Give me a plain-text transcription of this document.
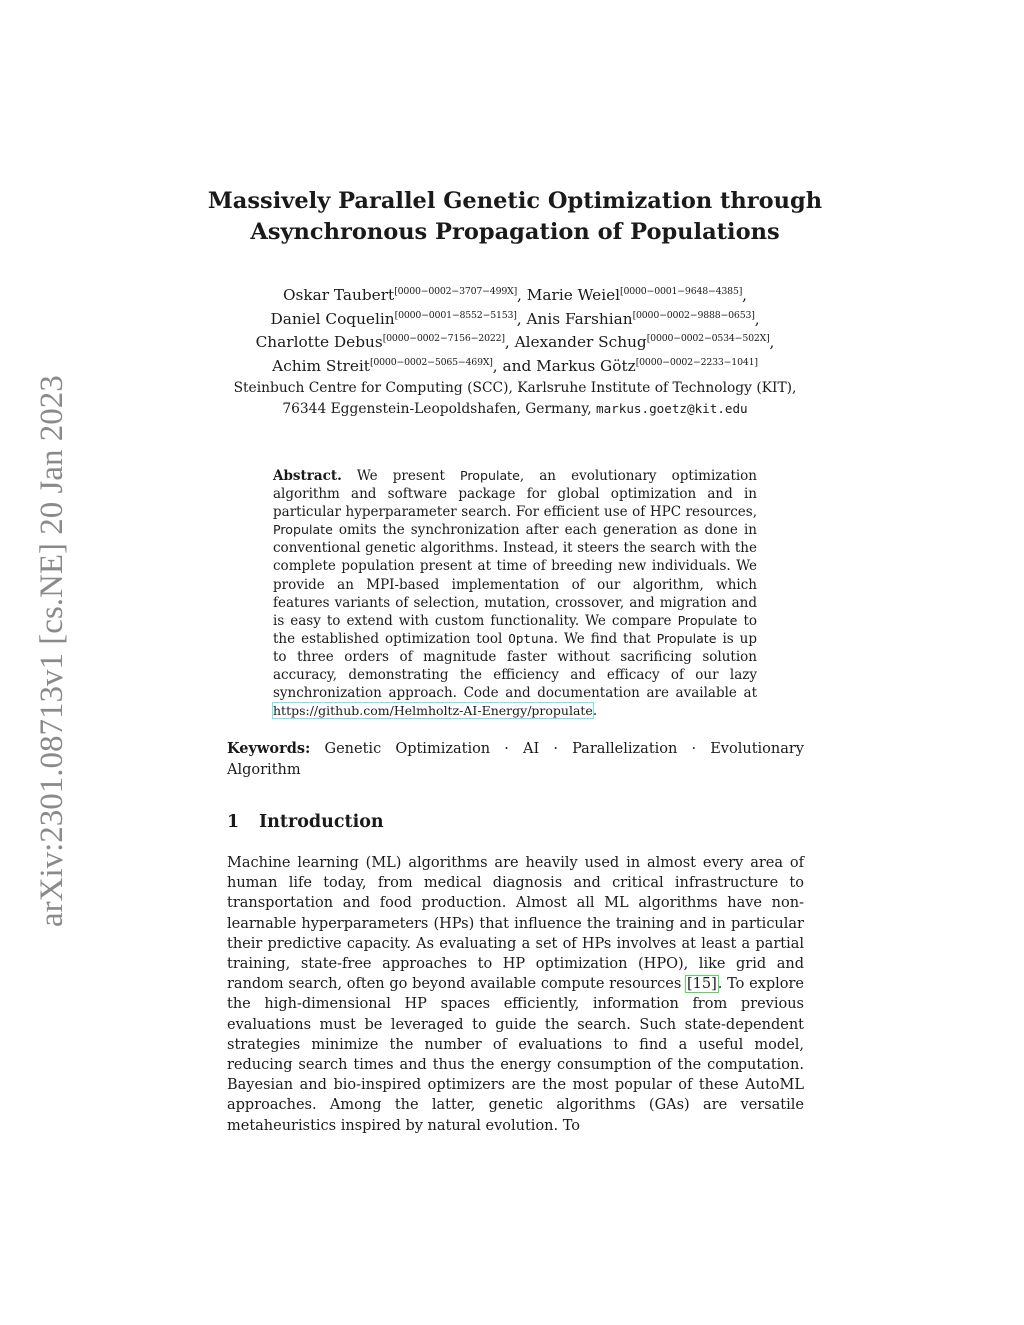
arXiv:2301.08713v1 [cs.NE] 20 Jan 2023
Massively Parallel Genetic Optimization through
Asynchronous Propagation of Populations
Oskar Taubert[0000−0002−3707−499X], Marie Weiel[0000−0001−9648−4385],
Daniel Coquelin[0000−0001−8552−5153], Anis Farshian[0000−0002−9888−0653],
Charlotte Debus[0000−0002−7156−2022], Alexander Schug[0000−0002−0534−502X],
Achim Streit[0000−0002−5065−469X], and Markus Götz[0000−0002−2233−1041]
Steinbuch Centre for Computing (SCC), Karlsruhe Institute of Technology (KIT),
76344 Eggenstein-Leopoldshafen, Germany, markus.goetz@kit.edu
Abstract. We present Propulate, an evolutionary optimization algorithm and software package for global optimization and in particular hyperparameter search. For efficient use of HPC resources, Propulate omits the synchronization after each generation as done in conventional genetic algorithms. Instead, it steers the search with the complete population present at time of breeding new individuals. We provide an MPI-based implementation of our algorithm, which features variants of selection, mutation, crossover, and migration and is easy to extend with custom functionality. We compare Propulate to the established optimization tool Optuna. We find that Propulate is up to three orders of magnitude faster without sacrificing solution accuracy, demonstrating the efficiency and efficacy of our lazy synchronization approach. Code and documentation are available at https://github.com/Helmholtz-AI-Energy/propulate.
Keywords: Genetic Optimization · AI · Parallelization · Evolutionary Algorithm
1 Introduction

Machine learning (ML) algorithms are heavily used in almost every area of human life today, from medical diagnosis and critical infrastructure to transportation and food production. Almost all ML algorithms have non-learnable hyperparameters (HPs) that influence the training and in particular their predictive capacity. As evaluating a set of HPs involves at least a partial training, state-free approaches to HP optimization (HPO), like grid and random search, often go beyond available compute resources [15]. To explore the high-dimensional HP spaces efficiently, information from previous evaluations must be leveraged to guide the search. Such state-dependent strategies minimize the number of evaluations to find a useful model, reducing search times and thus the energy consumption of the computation. Bayesian and bio-inspired optimizers are the most popular of these AutoML approaches. Among the latter, genetic algorithms (GAs) are versatile metaheuristics inspired by natural evolution. To
